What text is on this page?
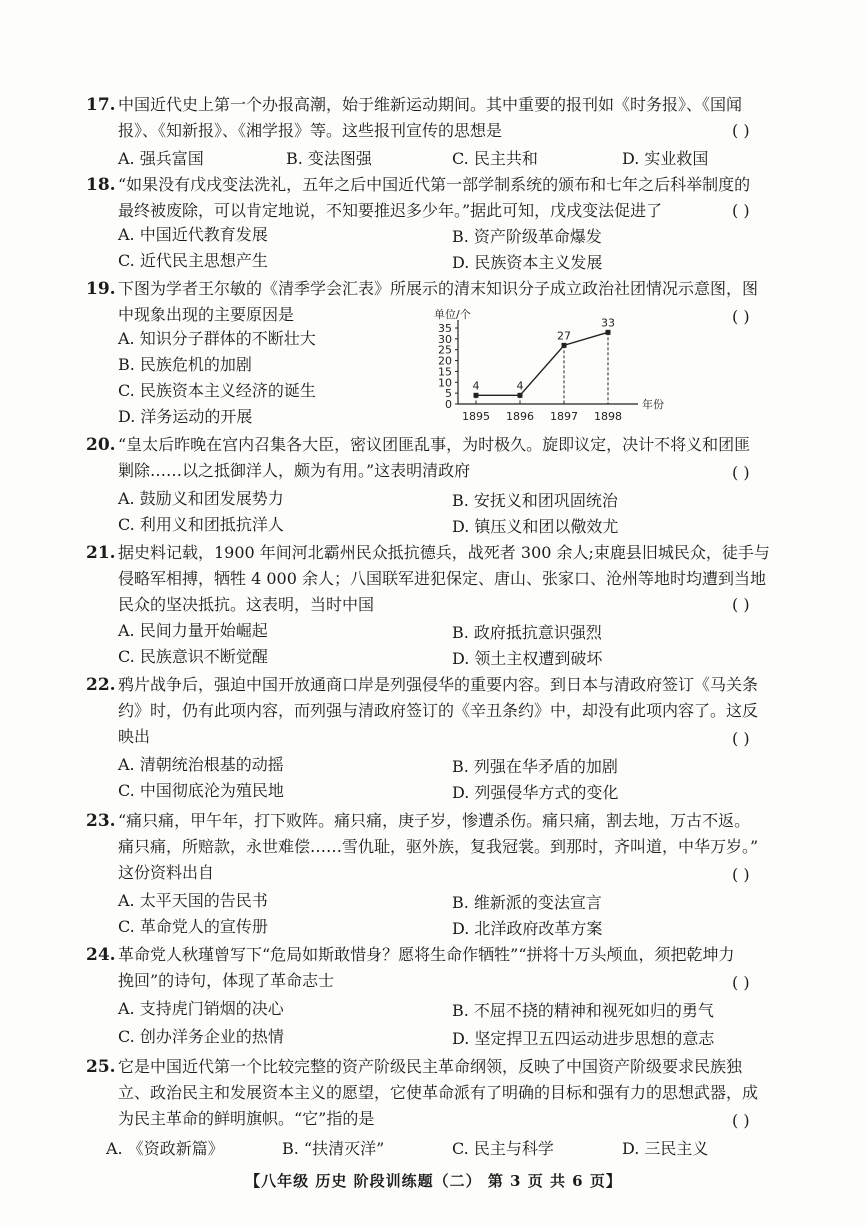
17. 中国近代史上第一个办报高潮，始于维新运动期间。其中重要的报刊如《时务报》、《国闻
报》、《知新报》、《湘学报》等。这些报刊宣传的思想是	( )
A. 强兵富国	B. 变法图强	C. 民主共和	D. 实业救国
18. “如果没有戊戌变法洗礼，五年之后中国近代第一部学制系统的颁布和七年之后科举制度的
最终被废除，可以肯定地说，不知要推迟多少年。”据此可知，戊戌变法促进了	( )
A. 中国近代教育发展	B. 资产阶级革命爆发
C. 近代民主思想产生	D. 民族资本主义发展
19. 下图为学者王尔敏的《清季学会汇表》所展示的清末知识分子成立政治社团情况示意图，图
中现象出现的主要原因是	( )
A. 知识分子群体的不断壮大
B. 民族危机的加剧
C. 民族资本主义经济的诞生
D. 洋务运动的开展
单位/个
年份
0
5
10
15
20
25
30
35
1895 1896 1897 1898
4	4
27
33
20. “皇太后昨晚在宫内召集各大臣，密议团匪乱事，为时极久。旋即议定，决计不将义和团匪
剿除……以之抵御洋人，颇为有用。”这表明清政府	( )
A. 鼓励义和团发展势力	B. 安抚义和团巩固统治
C. 利用义和团抵抗洋人	D. 镇压义和团以儆效尤
21. 据史料记载，1900 年间河北霸州民众抵抗德兵，战死者 300 余人;束鹿县旧城民众，徒手与
侵略军相搏，牺牲 4 000 余人；八国联军进犯保定、唐山、张家口、沧州等地时均遭到当地
民众的坚决抵抗。这表明，当时中国	( )
A. 民间力量开始崛起	B. 政府抵抗意识强烈
C. 民族意识不断觉醒	D. 领土主权遭到破坏
22. 鸦片战争后，强迫中国开放通商口岸是列强侵华的重要内容。到日本与清政府签订《马关条
约》时，仍有此项内容，而列强与清政府签订的《辛丑条约》中，却没有此项内容了。这反
映出	( )
A. 清朝统治根基的动摇	B. 列强在华矛盾的加剧
C. 中国彻底沦为殖民地	D. 列强侵华方式的变化
23. “痛只痛，甲午年，打下败阵。痛只痛，庚子岁，惨遭杀伤。痛只痛，割去地，万古不返。
痛只痛，所赔款，永世难偿……雪仇耻，驱外族，复我冠裳。到那时，齐叫道，中华万岁。”
这份资料出自	( )
A. 太平天国的告民书	B. 维新派的变法宣言
C. 革命党人的宣传册	D. 北洋政府改革方案
24. 革命党人秋瑾曾写下“危局如斯敢惜身？愿将生命作牺牲”“拼将十万头颅血，须把乾坤力
挽回”的诗句，体现了革命志士	( )
A. 支持虎门销烟的决心	B. 不屈不挠的精神和视死如归的勇气
C. 创办洋务企业的热情	D. 坚定捍卫五四运动进步思想的意志
25. 它是中国近代第一个比较完整的资产阶级民主革命纲领，反映了中国资产阶级要求民族独
立、政治民主和发展资本主义的愿望，它使革命派有了明确的目标和强有力的思想武器，成
为民主革命的鲜明旗帜。“它”指的是	( )
A. 《资政新篇》	B. “扶清灭洋”	C. 民主与科学	D. 三民主义
【八年级 历史 阶段训练题（二） 第 3 页 共 6 页】
